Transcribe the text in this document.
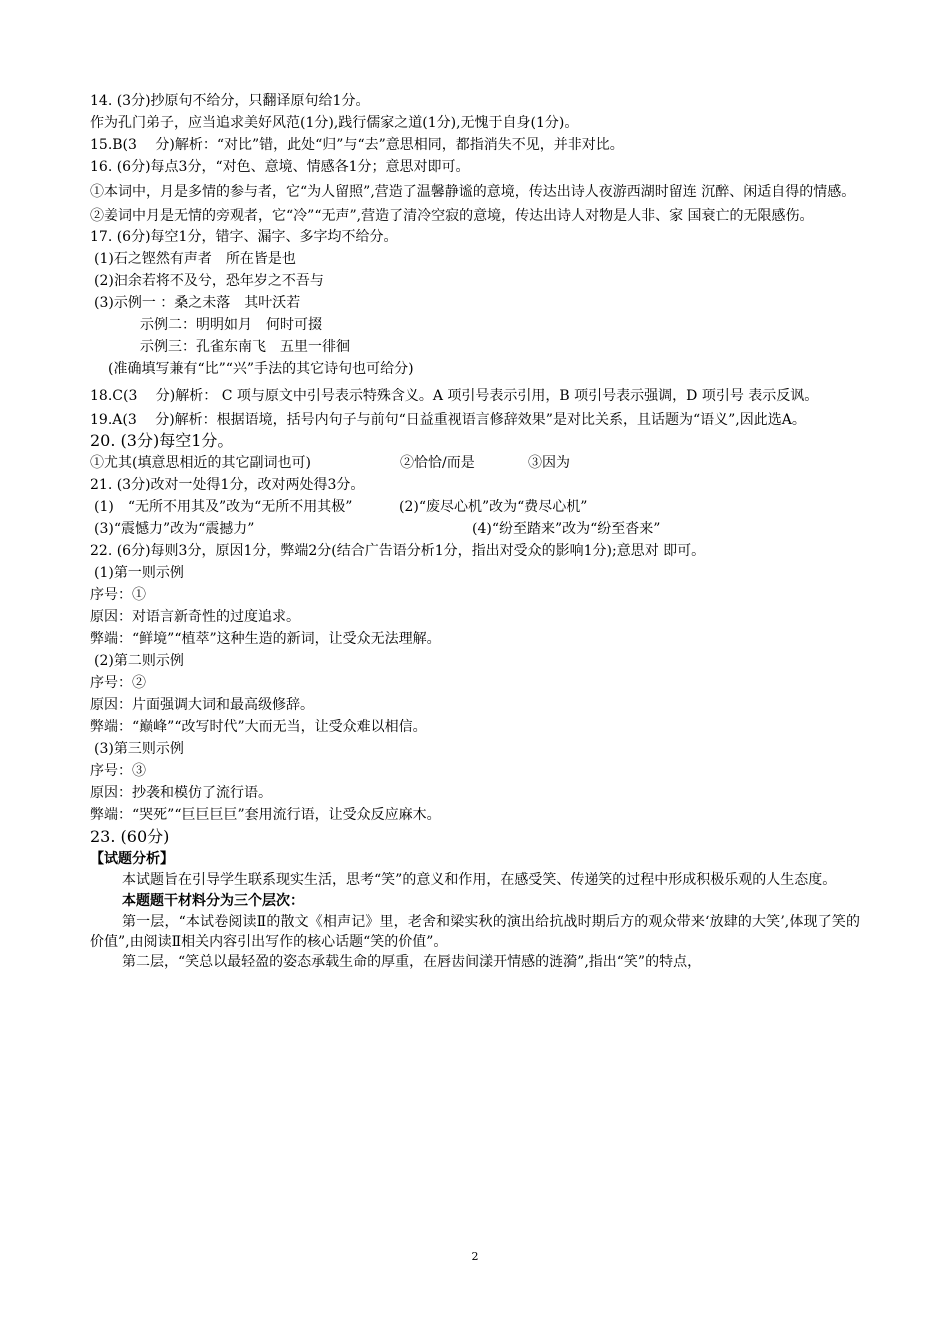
14. (3分)抄原句不给分，只翻译原句给1分。
作为孔门弟子，应当追求美好风范(1分),践行儒家之道(1分),无愧于自身(1分)。
15.B(3　 分)解析：“对比”错，此处“归”与“去”意思相同，都指消失不见，并非对比。
16. (6分)每点3分，“对色、意境、情感各1分；意思对即可。
①本词中，月是多情的参与者，它“为人留照”,营造了温馨静谧的意境，传达出诗人夜游西湖时留连 沉醉、闲适自得的情感。
②姜词中月是无情的旁观者，它“冷”“无声”,营造了清冷空寂的意境，传达出诗人对物是人非、家 国衰亡的无限感伤。
17. (6分)每空1分，错字、漏字、多字均不给分。
(1)石之铿然有声者　所在皆是也
(2)汩余若将不及兮，恐年岁之不吾与
(3)示例一 ：桑之未落　其叶沃若
示例二：明明如月　何时可掇
示例三：孔雀东南飞　五里一徘徊
(准确填写兼有“比”“兴”手法的其它诗句也可给分)
18.C(3　 分)解析： C 项与原文中引号表示特殊含义。A 项引号表示引用，B 项引号表示强调，D 项引号 表示反讽。
19.A(3　 分)解析：根据语境，括号内句子与前句“日益重视语言修辞效果”是对比关系，且话题为“语义”,因此选A。
20. (3分)每空1分。
①尤其(填意思相近的其它副词也可)	②恰恰/而是	③因为
21. (3分)改对一处得1分，改对两处得3分。
(1)　“无所不用其及”改为“无所不用其极”	(2)“废尽心机”改为“费尽心机”
(3)“震憾力”改为“震撼力”	(4)“纷至踏来”改为“纷至沓来”
22. (6分)每则3分，原因1分，弊端2分(结合广告语分析1分，指出对受众的影响1分);意思对 即可。
(1)第一则示例
序号：①
原因：对语言新奇性的过度追求。
弊端：“鲜境”“植萃”这种生造的新词，让受众无法理解。
(2)第二则示例
序号：②
原因：片面强调大词和最高级修辞。
弊端：“巅峰”“改写时代”大而无当，让受众难以相信。
(3)第三则示例
序号：③
原因：抄袭和模仿了流行语。
弊端：“哭死”“巨巨巨巨”套用流行语，让受众反应麻木。
23. (60分)
【试题分析】
本试题旨在引导学生联系现实生活，思考“笑”的意义和作用，在感受笑、传递笑的过程中形成积极乐观的人生态度。
本题题干材料分为三个层次：
第一层，“本试卷阅读Ⅱ的散文《相声记》里，老舍和梁实秋的演出给抗战时期后方的观众带来‘放肆的大笑’,体现了笑的价值”,由阅读Ⅱ相关内容引出写作的核心话题“笑的价值”。
第二层，“笑总以最轻盈的姿态承载生命的厚重，在唇齿间漾开情感的涟漪”,指出“笑”的特点，
2
